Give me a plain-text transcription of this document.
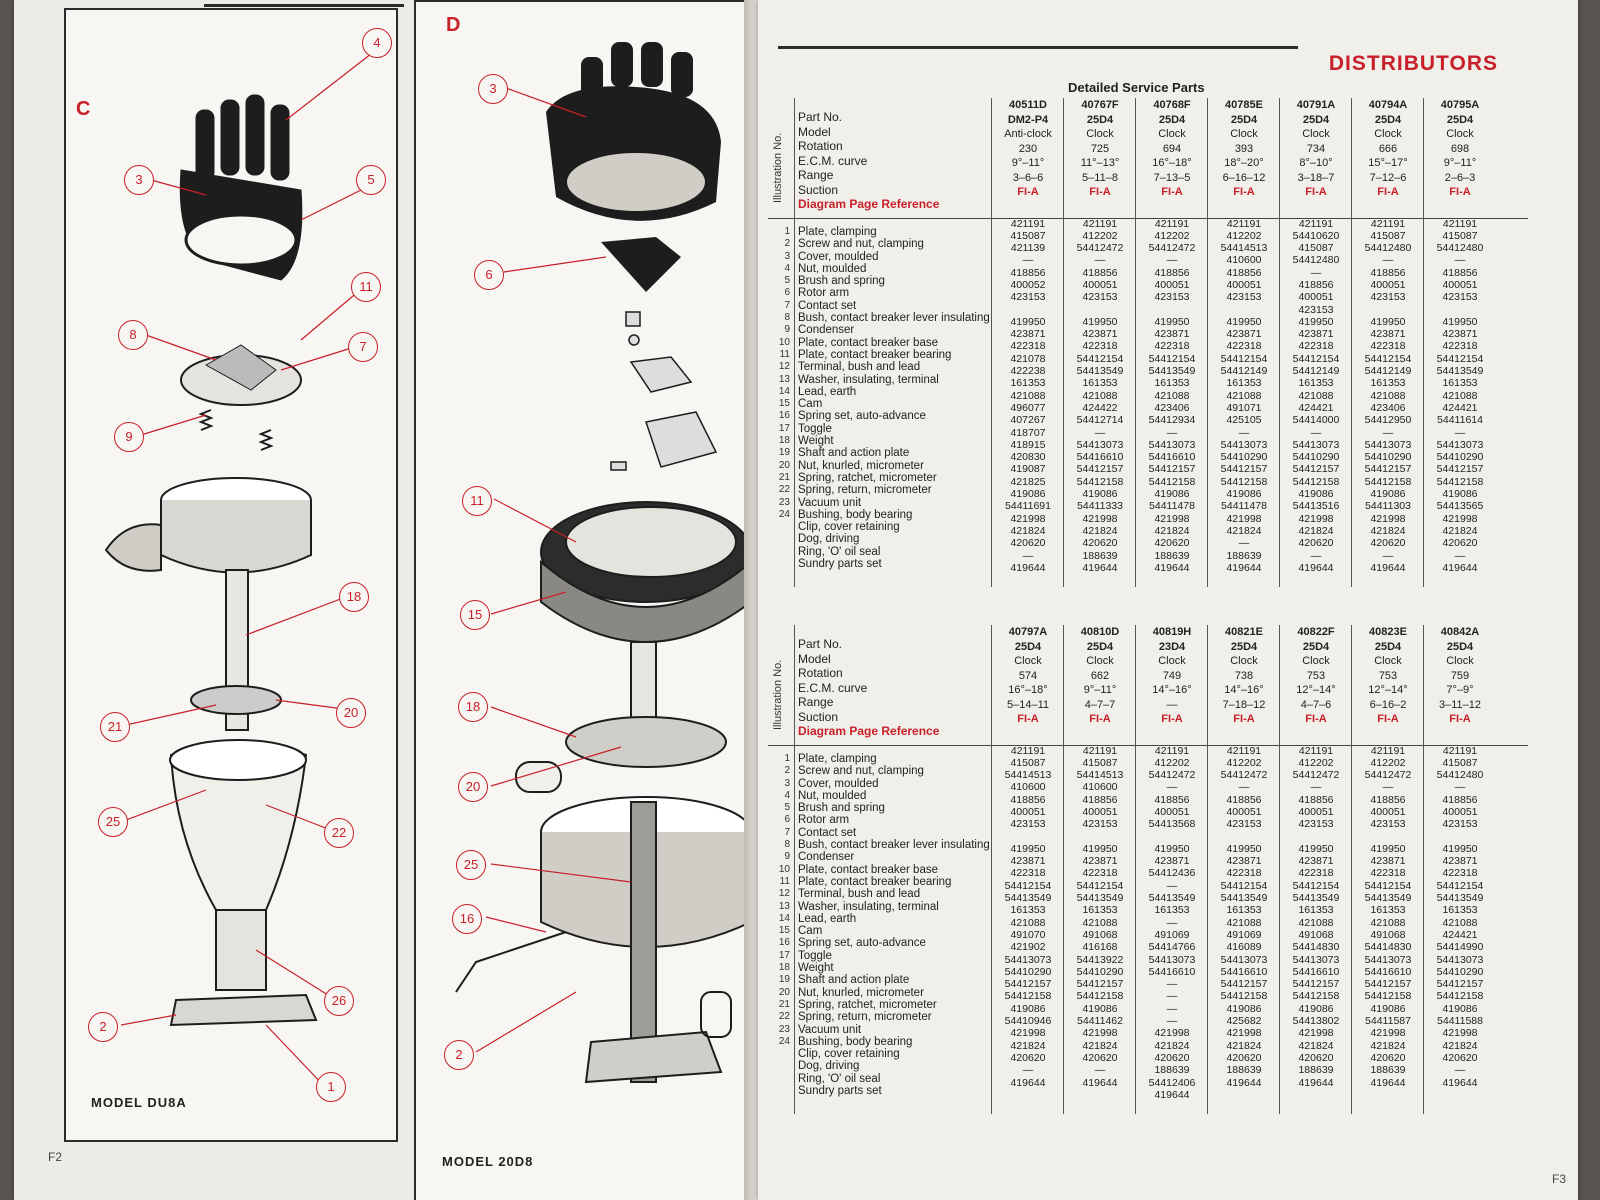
C
4
3	5
11
8
7
9
18
21
20
25
22
26
2
1
MODEL DU8A
D
3
6
11
15
18
20
25
16
2
MODEL 20D8
F2
DISTRIBUTORS
Detailed Service Parts
Illustration No.
Part No.
Model
Rotation
E.C.M. curve
Range
Suction
Diagram Page Reference
1
2
3
4
5
6
7
8
9
10
11
12
13
14
15
16
17
18
19
20
21
22
23
24
Plate, clamping
Screw and nut, clamping
Cover, moulded
Nut, moulded
Brush and spring
Rotor arm
Contact set
Bush, contact breaker lever insulating
Condenser
Plate, contact breaker base
Plate, contact breaker bearing
Terminal, bush and lead
Washer, insulating, terminal
Lead, earth
Cam
Spring set, auto-advance
Toggle
Weight
Shaft and action plate
Nut, knurled, micrometer
Spring, ratchet, micrometer
Spring, return, micrometer
Vacuum unit
Bushing, body bearing
Clip, cover retaining
Dog, driving
Ring, 'O' oil seal
Sundry parts set
40511D
DM2-P4
Anti-clock
230
9°–11°
3–6–6
FI-A
421191
415087
421139
—
418856
400052
423153

419950
423871
422318
421078
422238
161353
421088
496077
407267
418707
418915
420830
419087
421825
419086
54411691
421998
421824
420620
—
419644
40767F
25D4
Clock
725
11°–13°
5–11–8
FI-A
421191
412202
54412472
—
418856
400051
423153

419950
423871
422318
54412154
54413549
161353
421088
424422
54412714
—
54413073
54416610
54412157
54412158
419086
54411333
421998
421824
420620
188639
419644
40768F
25D4
Clock
694
16°–18°
7–13–5
FI-A
421191
412202
54412472
—
418856
400051
423153

419950
423871
422318
54412154
54413549
161353
421088
423406
54412934
—
54413073
54416610
54412157
54412158
419086
54411478
421998
421824
420620
188639
419644
40785E
25D4
Clock
393
18°–20°
6–16–12
FI-A
421191
412202
54414513
410600
418856
400051
423153

419950
423871
422318
54412154
54412149
161353
421088
491071
425105
—
54413073
54410290
54412157
54412158
419086
54411478
421998
421824
—
188639
419644
40791A
25D4
Clock
734
8°–10°
3–18–7
FI-A
421191
54410620
415087
54412480
—
418856
400051
423153
419950
423871
422318
54412154
54412149
161353
421088
424421
54414000
—
54413073
54410290
54412157
54412158
419086
54413516
421998
421824
420620
—
419644
40794A
25D4
Clock
666
15°–17°
7–12–6
FI-A
421191
415087
54412480
—
418856
400051
423153

419950
423871
422318
54412154
54412149
161353
421088
423406
54412950
—
54413073
54410290
54412157
54412158
419086
54411303
421998
421824
420620
—
419644
40795A
25D4
Clock
698
9°–11°
2–6–3
FI-A
421191
415087
54412480
—
418856
400051
423153

419950
423871
422318
54412154
54413549
161353
421088
424421
54411614
—
54413073
54410290
54412157
54412158
419086
54413565
421998
421824
420620
—
419644
Illustration No.
Part No.
Model
Rotation
E.C.M. curve
Range
Suction
Diagram Page Reference
1
2
3
4
5
6
7
8
9
10
11
12
13
14
15
16
17
18
19
20
21
22
23
24
Plate, clamping
Screw and nut, clamping
Cover, moulded
Nut, moulded
Brush and spring
Rotor arm
Contact set
Bush, contact breaker lever insulating
Condenser
Plate, contact breaker base
Plate, contact breaker bearing
Terminal, bush and lead
Washer, insulating, terminal
Lead, earth
Cam
Spring set, auto-advance
Toggle
Weight
Shaft and action plate
Nut, knurled, micrometer
Spring, ratchet, micrometer
Spring, return, micrometer
Vacuum unit
Bushing, body bearing
Clip, cover retaining
Dog, driving
Ring, 'O' oil seal
Sundry parts set
40797A
25D4
Clock
574
16°–18°
5–14–11
FI-A
421191
415087
54414513
410600
418856
400051
423153

419950
423871
422318
54412154
54413549
161353
421088
491070
421902
54413073
54410290
54412157
54412158
419086
54410946
421998
421824
420620
—
419644
40810D
25D4
Clock
662
9°–11°
4–7–7
FI-A
421191
415087
54414513
410600
418856
400051
423153

419950
423871
422318
54412154
54413549
161353
421088
491068
416168
54413922
54410290
54412157
54412158
419086
54411462
421998
421824
420620
—
419644
40819H
23D4
Clock
749
14°–16°
—
FI-A
421191
412202
54412472
—
418856
400051
54413568

419950
423871
54412436
—
54413549
161353
—
491069
54414766
54413073
54416610
—
—
—
—
421998
421824
420620
188639
54412406
419644
40821E
25D4
Clock
738
14°–16°
7–18–12
FI-A
421191
412202
54412472
—
418856
400051
423153

419950
423871
422318
54412154
54413549
161353
421088
491069
416089
54413073
54416610
54412157
54412158
419086
425682
421998
421824
420620
188639
419644
40822F
25D4
Clock
753
12°–14°
4–7–6
FI-A
421191
412202
54412472
—
418856
400051
423153

419950
423871
422318
54412154
54413549
161353
421088
491068
54414830
54413073
54416610
54412157
54412158
419086
54413802
421998
421824
420620
188639
419644
40823E
25D4
Clock
753
12°–14°
6–16–2
FI-A
421191
412202
54412472
—
418856
400051
423153

419950
423871
422318
54412154
54413549
161353
421088
491068
54414830
54413073
54416610
54412157
54412158
419086
54411587
421998
421824
420620
188639
419644
40842A
25D4
Clock
759
7°–9°
3–11–12
FI-A
421191
415087
54412480
—
418856
400051
423153

419950
423871
422318
54412154
54413549
161353
421088
424421
54414990
54413073
54410290
54412157
54412158
419086
54411588
421998
421824
420620
—
419644
F3
